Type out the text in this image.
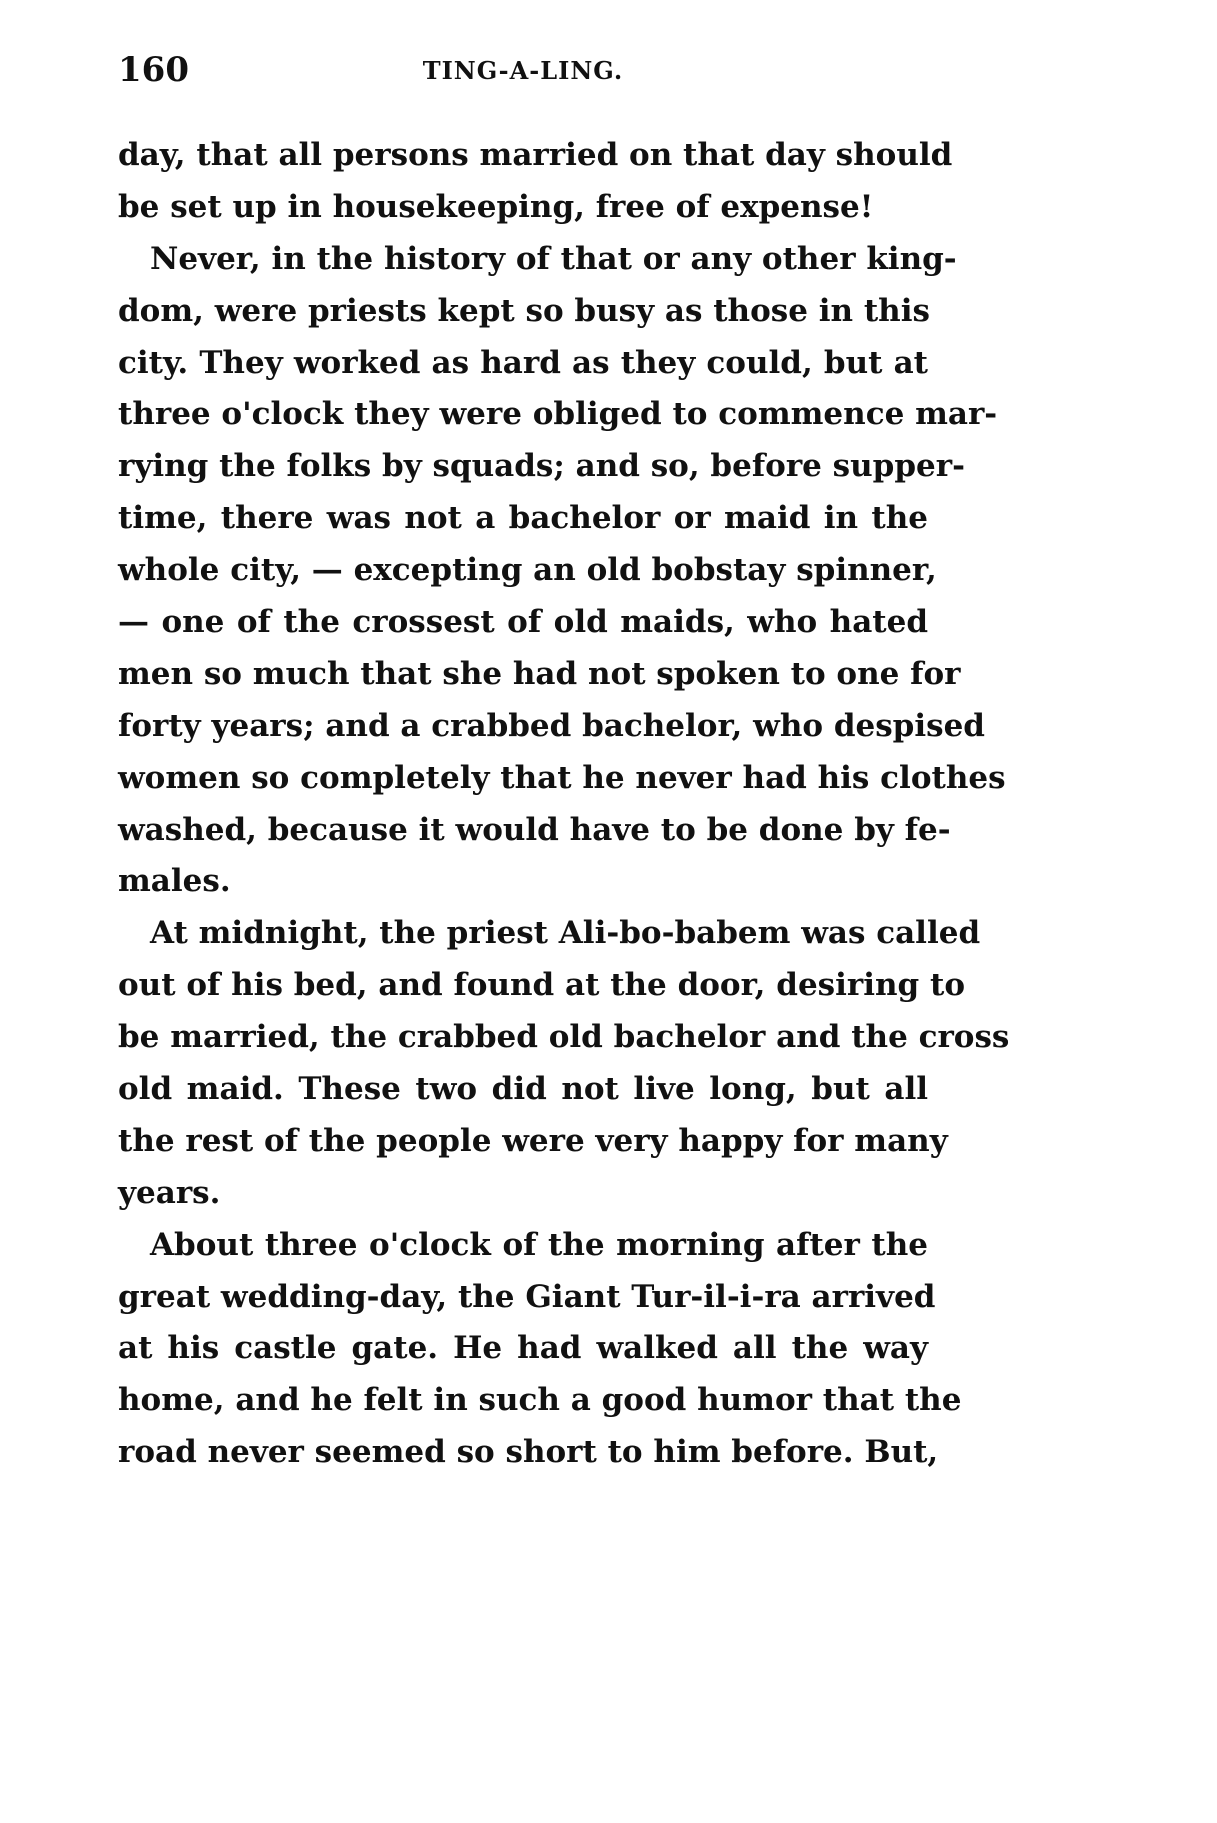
160	TING-A-LING.
day, that all persons married on that day should
be set up in housekeeping, free of expense!
Never, in the history of that or any other king-
dom, were priests kept so busy as those in this
city. They worked as hard as they could, but at
three o'clock they were obliged to commence mar-
rying the folks by squads; and so, before supper-
time, there was not a bachelor or maid in the
whole city, — excepting an old bobstay spinner,
— one of the crossest of old maids, who hated
men so much that she had not spoken to one for
forty years; and a crabbed bachelor, who despised
women so completely that he never had his clothes
washed, because it would have to be done by fe-
males.
At midnight, the priest Ali-bo-babem was called
out of his bed, and found at the door, desiring to
be married, the crabbed old bachelor and the cross
old maid. These two did not live long, but all
the rest of the people were very happy for many
years.
About three o'clock of the morning after the
great wedding-day, the Giant Tur-il-i-ra arrived
at his castle gate. He had walked all the way
home, and he felt in such a good humor that the
road never seemed so short to him before. But,
